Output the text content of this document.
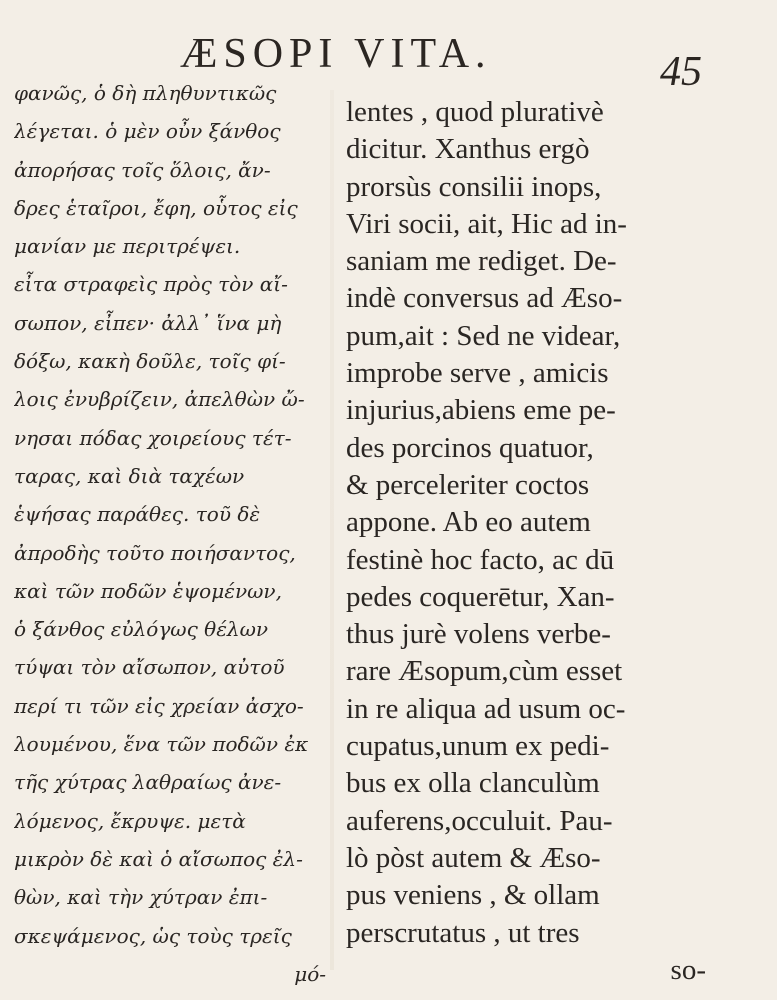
ÆSOPI VITA.	45
φανῶς, ὁ δὴ πληθυντικῶς
λέγεται. ὁ μὲν οὖν ξάνθος
ἀπορήσας τοῖς ὅλοις, ἄν-
δρες ἑταῖροι, ἔφη, οὗτος εἰς
μανίαν με περιτρέψει.
εἶτα στραφεὶς πρὸς τὸν αἴ-
σωπον, εἶπεν· ἀλλ᾽ ἵνα μὴ
δόξω, κακὴ δοῦλε, τοῖς φί-
λοις ἐνυβρίζειν, ἀπελθὼν ὤ-
νησαι πόδας χοιρείους τέτ-
ταρας, καὶ διὰ ταχέων
ἑψήσας παράθες. τοῦ δὲ
ἀπροδὴς τοῦτο ποιήσαντος,
καὶ τῶν ποδῶν ἑψομένων,
ὁ ξάνθος εὐλόγως θέλων
τύψαι τὸν αἴσωπον, αὐτοῦ
περί τι τῶν εἰς χρείαν ἀσχο-
λουμένου, ἕνα τῶν ποδῶν ἐκ
τῆς χύτρας λαθραίως ἀνε-
λόμενος, ἔκρυψε. μετὰ
μικρὸν δὲ καὶ ὁ αἴσωπος ἐλ-
θὼν, καὶ τὴν χύτραν ἐπι-
σκεψάμενος, ὡς τοὺς τρεῖς
μό-
lentes , quod plurativè
dicitur. Xanthus ergò
prorsùs consilii inops,
Viri socii, ait, Hic ad in-
saniam me rediget. De-
indè conversus ad Æso-
pum,ait : Sed ne videar,
improbe serve , amicis
injurius,abiens eme pe-
des porcinos quatuor,
& perceleriter coctos
appone. Ab eo autem
festinè hoc facto, ac dū
pedes coquerētur, Xan-
thus jurè volens verbe-
rare Æsopum,cùm esset
in re aliqua ad usum oc-
cupatus,unum ex pedi-
bus ex olla clanculùm
auferens,occuluit. Pau-
lò pòst autem & Æso-
pus veniens , & ollam
perscrutatus , ut tres
so-
